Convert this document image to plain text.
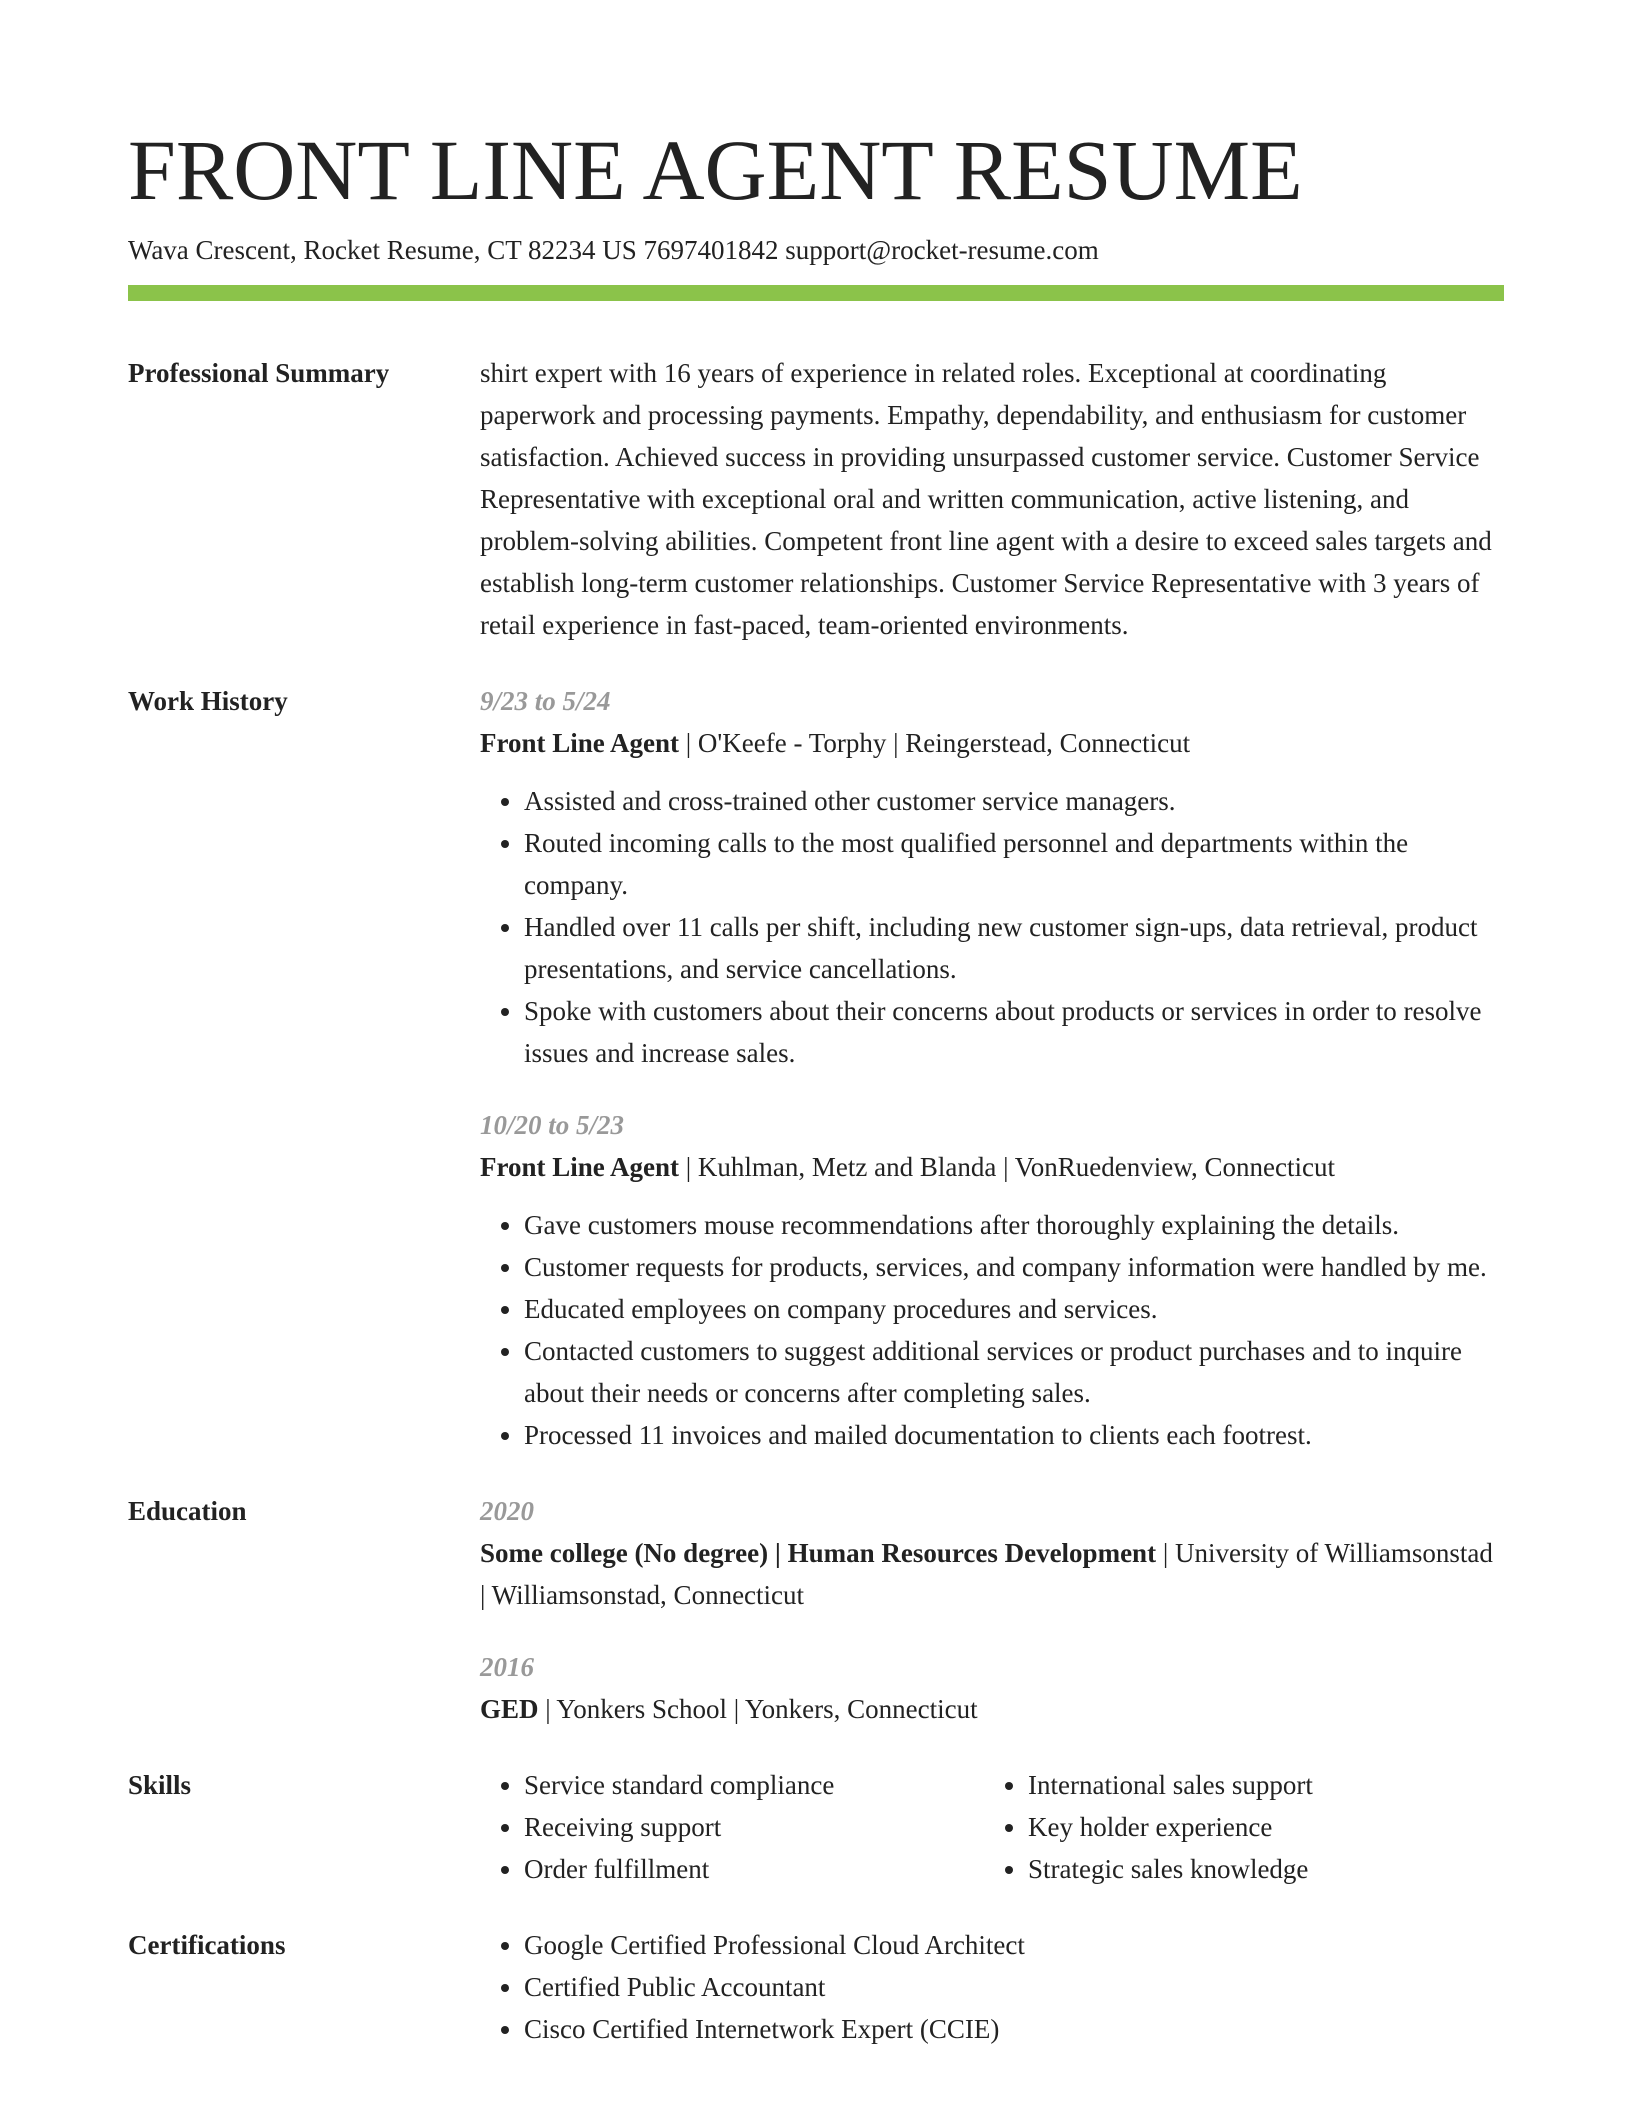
FRONT LINE AGENT RESUME
Wava Crescent, Rocket Resume, CT 82234 US 7697401842 support@rocket-resume.com
Professional Summary	shirt expert with 16 years of experience in related roles. Exceptional at coordinating paperwork and processing payments. Empathy, dependability, and enthusiasm for customer satisfaction. Achieved success in providing unsurpassed customer service. Customer Service Representative with exceptional oral and written communication, active listening, and problem-solving abilities. Competent front line agent with a desire to exceed sales targets and establish long-term customer relationships. Customer Service Representative with 3 years of retail experience in fast-paced, team-oriented environments.

Work History	9/23 to 5/24
Front Line Agent | O'Keefe - Torphy | Reingerstead, Connecticut
• Assisted and cross-trained other customer service managers.
• Routed incoming calls to the most qualified personnel and departments within the company.
• Handled over 11 calls per shift, including new customer sign-ups, data retrieval, product presentations, and service cancellations.
• Spoke with customers about their concerns about products or services in order to resolve issues and increase sales.
10/20 to 5/23
Front Line Agent | Kuhlman, Metz and Blanda | VonRuedenview, Connecticut
• Gave customers mouse recommendations after thoroughly explaining the details.
• Customer requests for products, services, and company information were handled by me.
• Educated employees on company procedures and services.
• Contacted customers to suggest additional services or product purchases and to inquire about their needs or concerns after completing sales.
• Processed 11 invoices and mailed documentation to clients each footrest.
Education	2020
Some college (No degree) | Human Resources Development | University of Williamsonstad | Williamsonstad, Connecticut
2016
GED | Yonkers School | Yonkers, Connecticut
Skills	• Service standard compliance
• Receiving support
• Order fulfillment
• International sales support
• Key holder experience
• Strategic sales knowledge
Certifications	• Google Certified Professional Cloud Architect
• Certified Public Accountant
• Cisco Certified Internetwork Expert (CCIE)
